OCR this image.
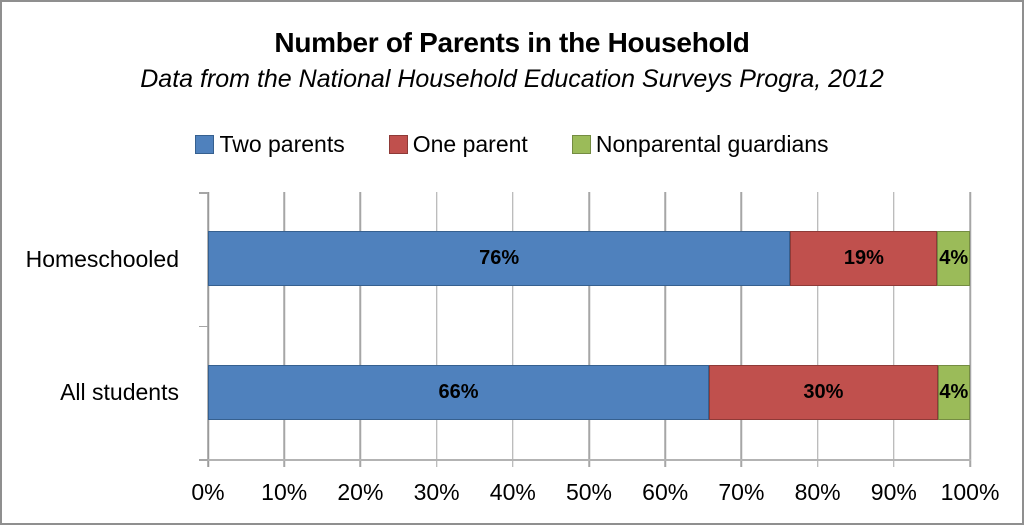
Number of Parents in the Household
Data from the National Household Education Surveys Progra, 2012
Two parents	One parent	Nonparental guardians
0% 10% 20% 30% 40% 50% 60% 70% 80% 90% 100%
Homeschooled	76%	19%	4%
All students	66%	30%	4%
